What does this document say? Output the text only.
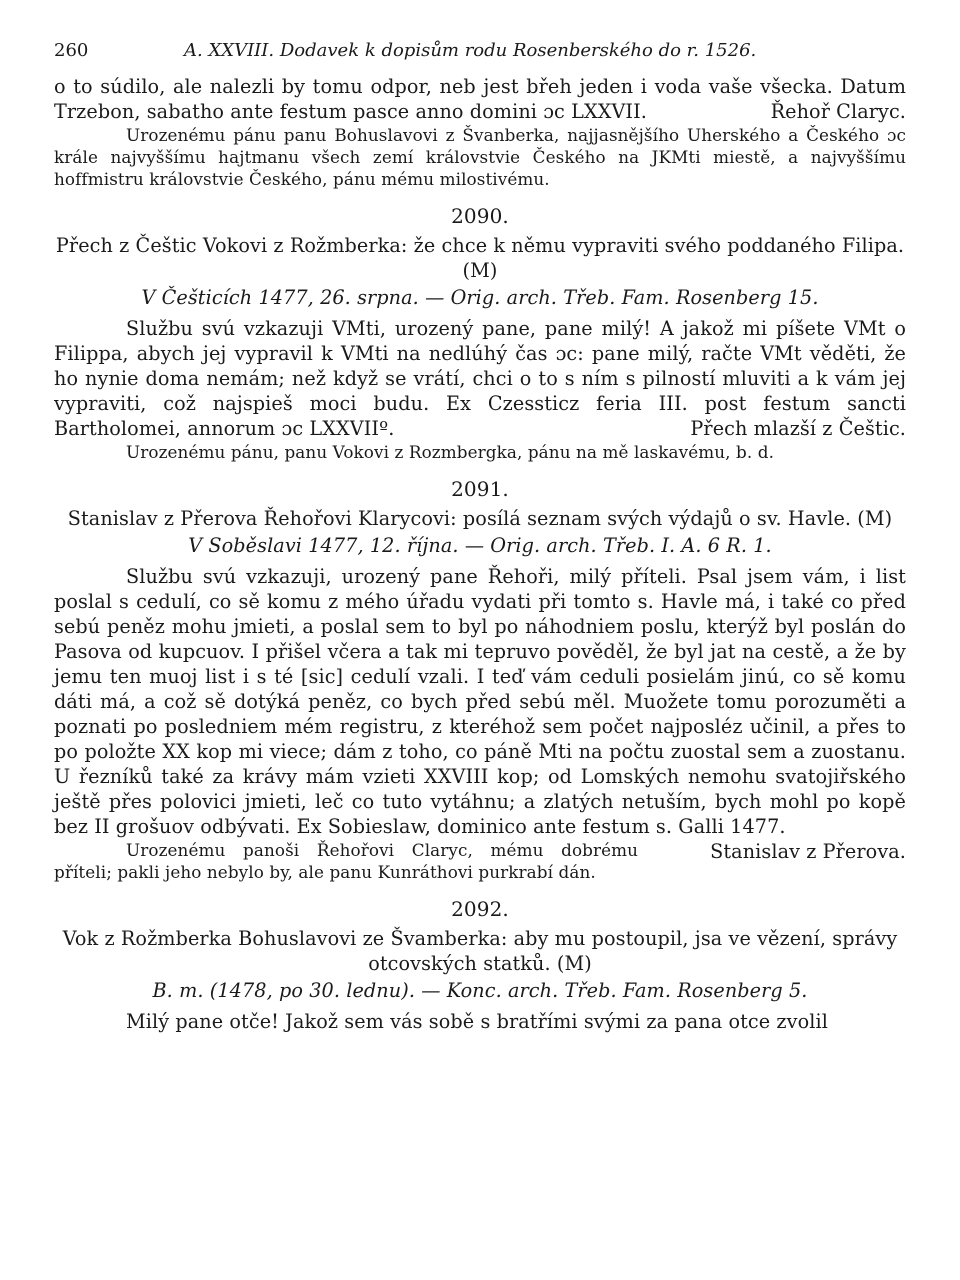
260	A. XXVIII. Dodavek k dopisům rodu Rosenberského do r. 1526.

o to súdilo, ale nalezli by tomu odpor, neb jest břeh jeden i voda vaše všecka. Datum Trzebon, sabatho ante festum pasce anno domini ɔc LXXVII.	Řehoř Claryc.

Urozenému pánu panu Bohuslavovi z Švanberka, najjasnějšího Uherského a Českého ɔc krále najvyššímu hajtmanu všech zemí královstvie Českého na JKMti miestě, a najvyššímu hoffmistru královstvie Českého, pánu mému milostivému.

2090.

Přech z Češtic Vokovi z Rožmberka: že chce k němu vypraviti svého poddaného Filipa. (M)

V Češticích 1477, 26. srpna. — Orig. arch. Třeb. Fam. Rosenberg 15.

Službu svú vzkazuji VMti, urozený pane, pane milý! A jakož mi píšete VMt o Filippa, abych jej vypravil k VMti na nedlúhý čas ɔc: pane milý, račte VMt věděti, že ho nynie doma nemám; než když se vrátí, chci o to s ním s pilností mluviti a k vám jej vypraviti, což najspieš moci budu. Ex Czessticz feria III. post festum sancti Bartholomei, annorum ɔc LXXVIIº.	Přech mlazší z Češtic.

Urozenému pánu, panu Vokovi z Rozmbergka, pánu na mě laskavému, b. d.

2091.

Stanislav z Přerova Řehořovi Klarycovi: posílá seznam svých výdajů o sv. Havle. (M)

V Soběslavi 1477, 12. října. — Orig. arch. Třeb. I. A. 6 R. 1.

Službu svú vzkazuji, urozený pane Řehoři, milý příteli. Psal jsem vám, i list poslal s cedulí, co sě komu z mého úřadu vydati při tomto s. Havle má, i také co před sebú peněz mohu jmieti, a poslal sem to byl po náhodniem poslu, kterýž byl poslán do Pasova od kupcuov. I přišel včera a tak mi tepruvo pověděl, že byl jat na cestě, a že by jemu ten muoj list i s té [sic] cedulí vzali. I teď vám ceduli posielám jinú, co sě komu dáti má, a což sě dotýká peněz, co bych před sebú měl. Muožete tomu porozuměti a poznati po posledniem mém registru, z kteréhož sem počet najposléz učinil, a přes to po položte XX kop mi viece; dám z toho, co páně Mti na počtu zuostal sem a zuostanu. U řezníků také za krávy mám vzieti XXVIII kop; od Lomských nemohu svatojiřského ještě přes polovici jmieti, leč co tuto vytáhnu; a zlatých netuším, bych mohl po kopě bez II grošuov odbývati. Ex Sobieslaw, dominico ante festum s. Galli 1477.
Stanislav z Přerova.

Urozenému panoši Řehořovi Claryc, mému dobrému příteli; pakli jeho nebylo by, ale panu Kunráthovi purkrabí dán.

2092.

Vok z Rožmberka Bohuslavovi ze Švamberka: aby mu postoupil, jsa ve vězení, správy otcovských statků. (M)

B. m. (1478, po 30. lednu). — Konc. arch. Třeb. Fam. Rosenberg 5.

Milý pane otče! Jakož sem vás sobě s bratřími svými za pana otce zvolil
